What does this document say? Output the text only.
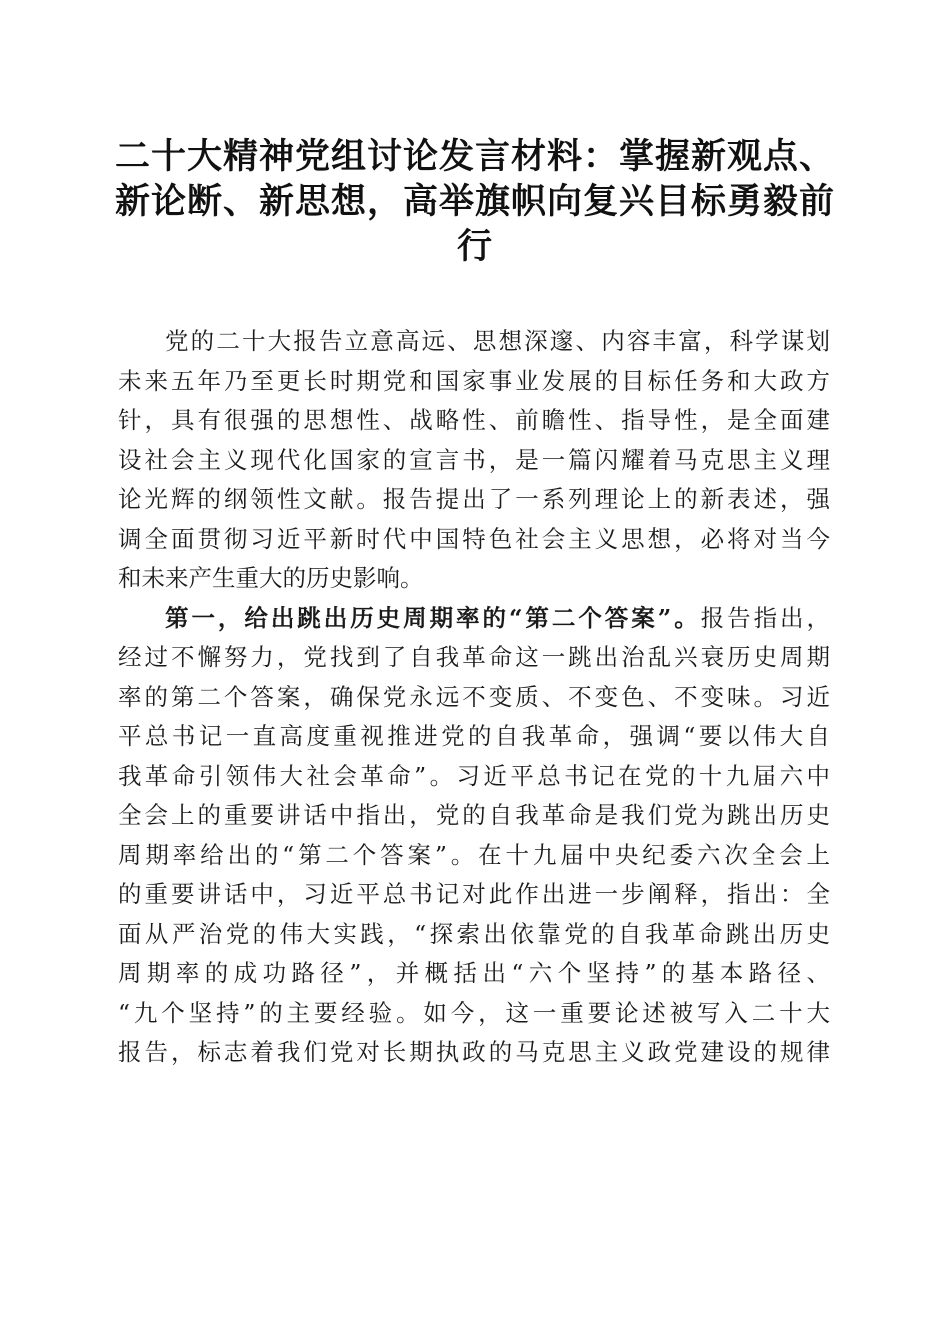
二十大精神党组讨论发言材料：掌握新观点、
新论断、新思想，高举旗帜向复兴目标勇毅前
行
党的二十大报告立意高远、思想深邃、内容丰富，科学谋划
未来五年乃至更长时期党和国家事业发展的目标任务和大政方
针，具有很强的思想性、战略性、前瞻性、指导性，是全面建
设社会主义现代化国家的宣言书，是一篇闪耀着马克思主义理
论光辉的纲领性文献。报告提出了一系列理论上的新表述，强
调全面贯彻习近平新时代中国特色社会主义思想，必将对当今
和未来产生重大的历史影响。
第一，给出跳出历史周期率的“第二个答案”。报告指出，
经过不懈努力，党找到了自我革命这一跳出治乱兴衰历史周期
率的第二个答案，确保党永远不变质、不变色、不变味。习近
平总书记一直高度重视推进党的自我革命，强调“要以伟大自
我革命引领伟大社会革命”。习近平总书记在党的十九届六中
全会上的重要讲话中指出，党的自我革命是我们党为跳出历史
周期率给出的“第二个答案”。在十九届中央纪委六次全会上
的重要讲话中，习近平总书记对此作出进一步阐释，指出：全
面从严治党的伟大实践，“探索出依靠党的自我革命跳出历史
周期率的成功路径”，并概括出“六个坚持”的基本路径、
“九个坚持”的主要经验。如今，这一重要论述被写入二十大
报告，标志着我们党对长期执政的马克思主义政党建设的规律
